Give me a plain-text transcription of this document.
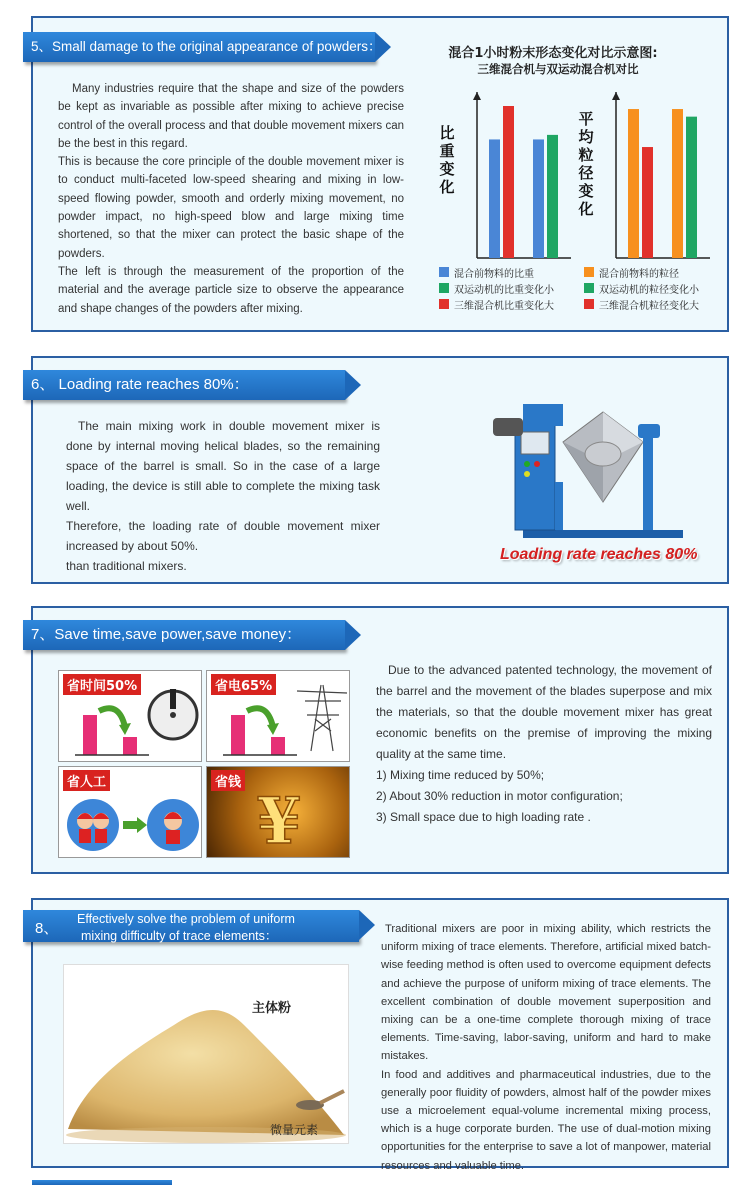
5、Small damage to the original appearance of powders：

Many industries require that the shape and size of the powders be kept as invariable as possible after mixing to achieve precise control of the overall process and that double movement mixers can be the best in this regard.

This is because the core principle of the double movement mixer is to conduct multi-faceted low-speed shearing and mixing in low-speed flowing powder, smooth and orderly mixing movement, no powder impact, no high-speed blow and large mixing time shortened, so that the mixer can protect the basic shape of the powders.

The left is through the measurement of the proportion of the material and the average particle size to observe the appearance and shape changes of the powders after mixing.

混合1小时粉末形态变化对比示意图:
三维混合机与双运动混合机对比
比重变化
平均粒径变化
混合前物料的比重
双运动机的比重变化小
三维混合机比重变化大
混合前物料的粒径
双运动机的粒径变化小
三维混合机粒径变化大
6、 Loading rate reaches 80%：

The main mixing work in double movement mixer is done by internal moving helical blades, so the remaining space of the barrel is small. So in the case of a large loading, the device is still able to complete the mixing task well.

Therefore, the loading rate of double movement mixer increased by about 50%.

than traditional mixers.

Loading rate reaches 80%
7、Save time,save power,save money：
省时间50%	省电65%
省人工	省钱
¥

Due to the advanced patented technology, the movement of the barrel and the movement of the blades superpose and mix the materials, so that the double movement mixer has great economic benefits on the premise of improving the mixing quality at the same time.

1) Mixing time reduced by 50%;
2) About 30% reduction in motor configuration;
3) Small space due to high loading rate .
8、
Effectively solve the problem of uniform
mixing difficulty of trace elements：
主体粉
微量元素

Traditional mixers are poor in mixing ability, which restricts the uniform mixing of trace elements. Therefore, artificial mixed batch-wise feeding method is often used to overcome equipment defects and achieve the purpose of uniform mixing of trace elements. The excellent combination of double movement superposition and mixing can be a one-time complete thorough mixing of trace elements. Time-saving, labor-saving, uniform and hard to make mistakes.

In food and additives and pharmaceutical industries, due to the generally poor fluidity of powders, almost half of the powder mixes use a microelement equal-volume incremental mixing process, which is a huge corporate burden. The use of dual-motion mixing opportunities for the enterprise to save a lot of manpower, material resources and valuable time.
